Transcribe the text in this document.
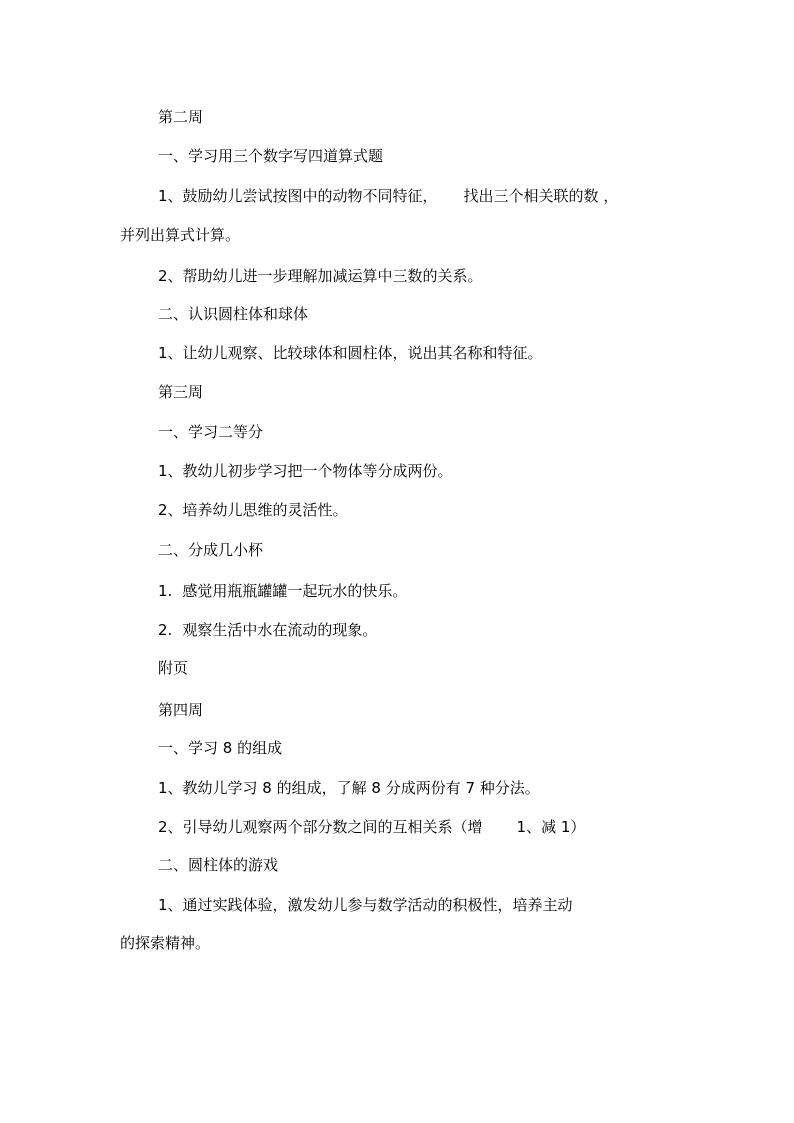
第二周

一、学习用三个数字写四道算式题

1、鼓励幼儿尝试按图中的动物不同特征， 找出三个相关联的数 ，

并列出算式计算。

2、帮助幼儿进一步理解加减运算中三数的关系。

二、认识圆柱体和球体

1、让幼儿观察、比较球体和圆柱体，说出其名称和特征。

第三周

一、学习二等分

1、教幼儿初步学习把一个物体等分成两份。

2、培养幼儿思维的灵活性。

二、分成几小杯

1. 感觉用瓶瓶罐罐一起玩水的快乐。

2. 观察生活中水在流动的现象。

附页

第四周

一、学习 8 的组成

1、教幼儿学习 8 的组成，了解 8 分成两份有 7 种分法。

2、引导幼儿观察两个部分数之间的互相关系（增 1、减 1）

二、圆柱体的游戏

1、通过实践体验，激发幼儿参与数学活动的积极性，培养主动

的探索精神。
